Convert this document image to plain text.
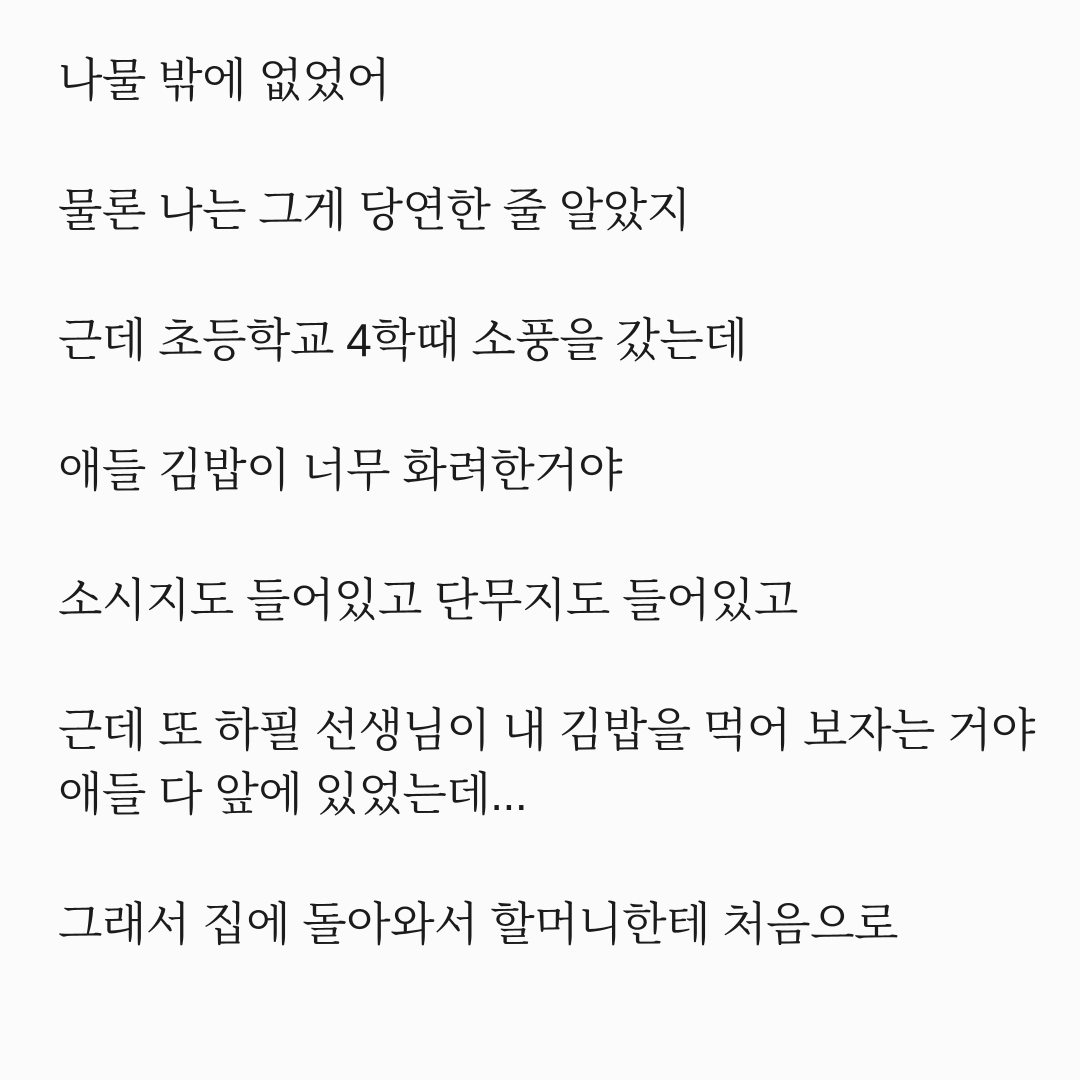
나물 밖에 없었어

물론 나는 그게 당연한 줄 알았지

근데 초등학교 4학때 소풍을 갔는데

애들 김밥이 너무 화려한거야

소시지도 들어있고 단무지도 들어있고

근데 또 하필 선생님이 내 김밥을 먹어 보자는 거야
애들 다 앞에 있었는데...

그래서 집에 돌아와서 할머니한테 처음으로
